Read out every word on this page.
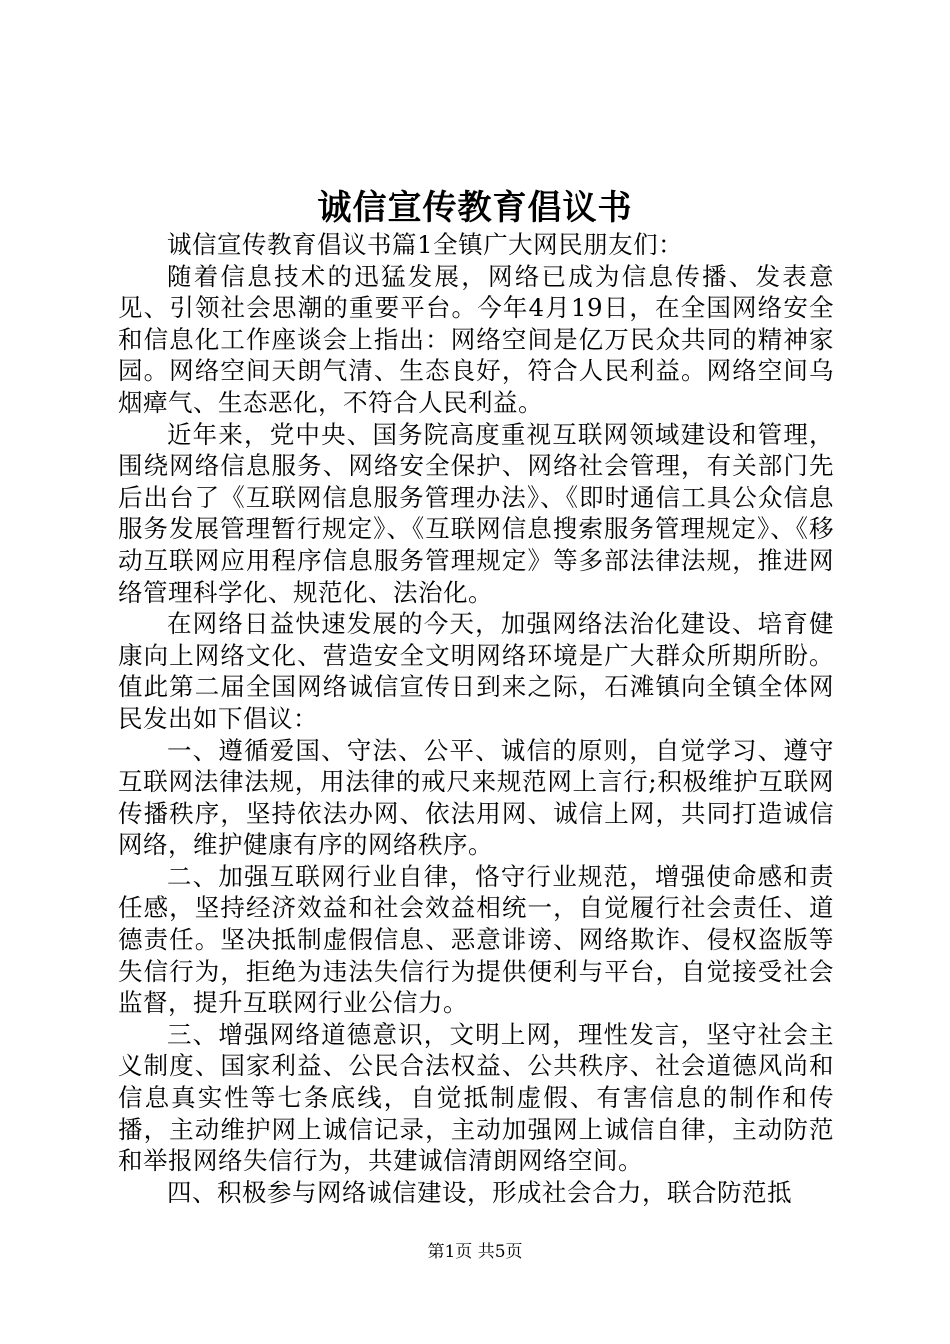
诚信宣传教育倡议书

诚信宣传教育倡议书篇1全镇广大网民朋友们：

随着信息技术的迅猛发展，网络已成为信息传播、发表意见、引领社会思潮的重要平台。今年4月19日，在全国网络安全和信息化工作座谈会上指出：网络空间是亿万民众共同的精神家园。网络空间天朗气清、生态良好，符合人民利益。网络空间乌烟瘴气、生态恶化，不符合人民利益。

近年来，党中央、国务院高度重视互联网领域建设和管理，围绕网络信息服务、网络安全保护、网络社会管理，有关部门先后出台了《互联网信息服务管理办法》、《即时通信工具公众信息服务发展管理暂行规定》、《互联网信息搜索服务管理规定》、《移动互联网应用程序信息服务管理规定》等多部法律法规，推进网络管理科学化、规范化、法治化。

在网络日益快速发展的今天，加强网络法治化建设、培育健康向上网络文化、营造安全文明网络环境是广大群众所期所盼。值此第二届全国网络诚信宣传日到来之际，石滩镇向全镇全体网民发出如下倡议：

一、遵循爱国、守法、公平、诚信的原则，自觉学习、遵守互联网法律法规，用法律的戒尺来规范网上言行;积极维护互联网传播秩序，坚持依法办网、依法用网、诚信上网，共同打造诚信网络，维护健康有序的网络秩序。

二、加强互联网行业自律，恪守行业规范，增强使命感和责任感，坚持经济效益和社会效益相统一，自觉履行社会责任、道德责任。坚决抵制虚假信息、恶意诽谤、网络欺诈、侵权盗版等失信行为，拒绝为违法失信行为提供便利与平台，自觉接受社会监督，提升互联网行业公信力。

三、增强网络道德意识，文明上网，理性发言，坚守社会主义制度、国家利益、公民合法权益、公共秩序、社会道德风尚和信息真实性等七条底线，自觉抵制虚假、有害信息的制作和传播，主动维护网上诚信记录，主动加强网上诚信自律，主动防范和举报网络失信行为，共建诚信清朗网络空间。

四、积极参与网络诚信建设，形成社会合力，联合防范抵

第1页 共5页
